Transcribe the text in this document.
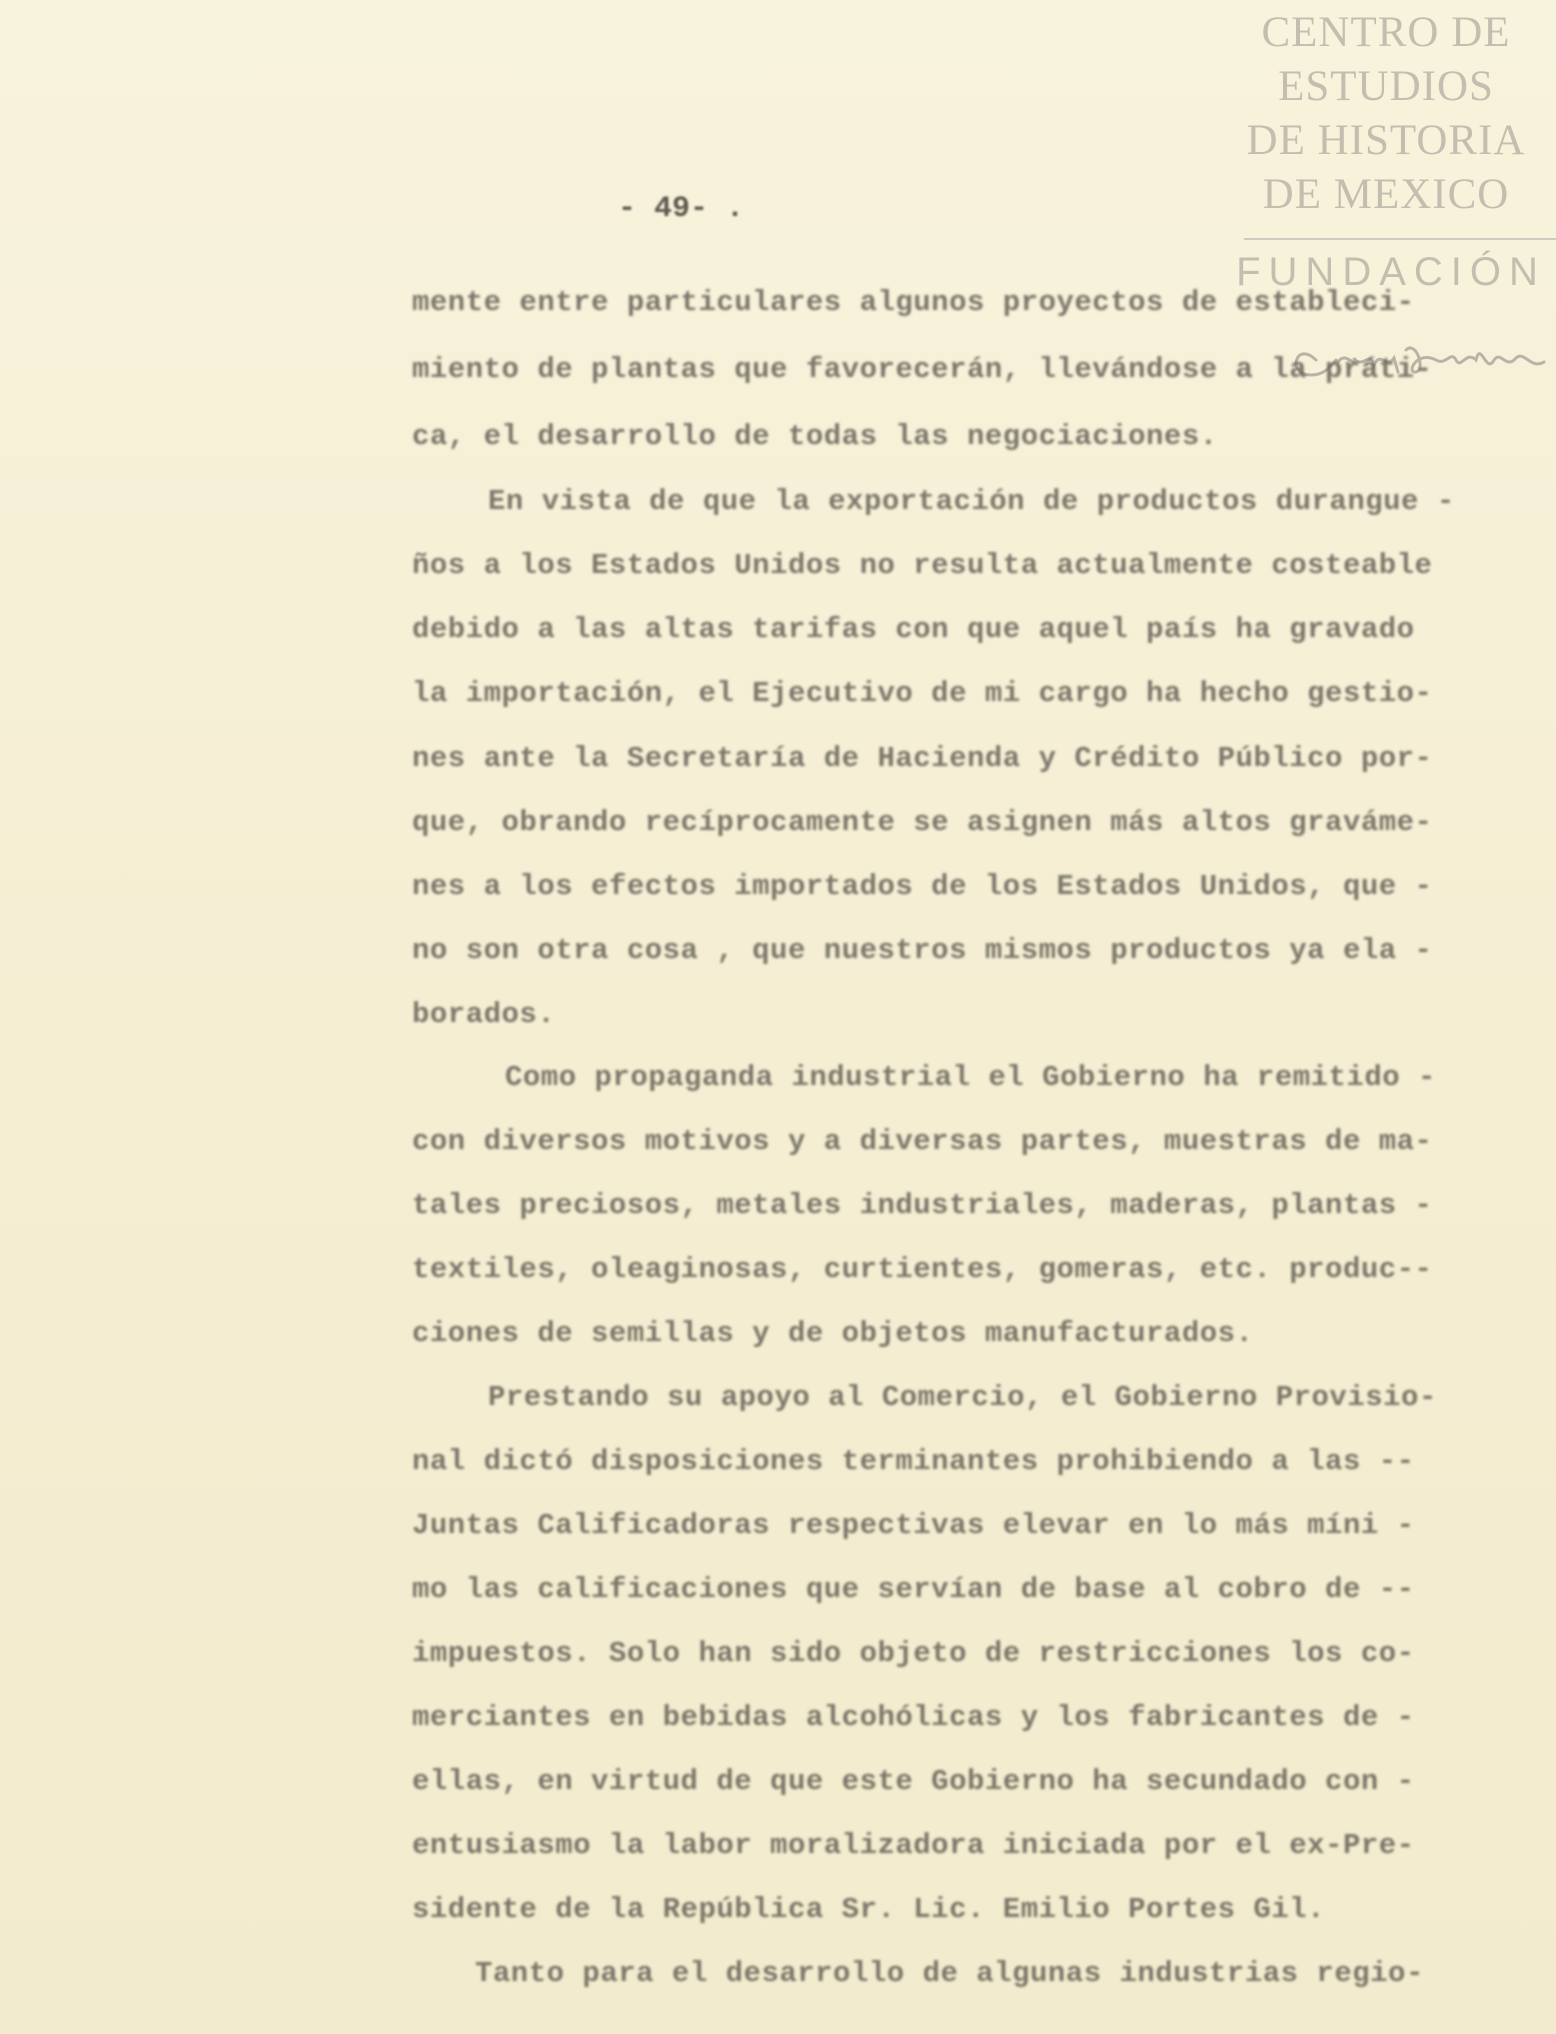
CENTRO DE
ESTUDIOS
DE HISTORIA
DE MEXICO
FUNDACIÓN
- 49- .
mente entre particulares algunos proyectos de estableci-
miento de plantas que favorecerán, llevándose a la práti-
ca, el desarrollo de todas las negociaciones.
En vista de que la exportación de productos durangue -
ños a los Estados Unidos no resulta actualmente costeable
debido a las altas tarifas con que aquel país ha gravado
la importación, el Ejecutivo de mi cargo ha hecho gestio-
nes ante la Secretaría de Hacienda y Crédito Público por-
que, obrando recíprocamente se asignen más altos graváme-
nes a los efectos importados de los Estados Unidos, que -
no son otra cosa , que nuestros mismos productos ya ela -
borados.
Como propaganda industrial el Gobierno ha remitido -
con diversos motivos y a diversas partes, muestras de ma-
tales preciosos, metales industriales, maderas, plantas -
textiles, oleaginosas, curtientes, gomeras, etc. produc--
ciones de semillas y de objetos manufacturados.
Prestando su apoyo al Comercio, el Gobierno Provisio-
nal dictó disposiciones terminantes prohibiendo a las --
Juntas Calificadoras respectivas elevar en lo más míni -
mo las calificaciones que servían de base al cobro de --
impuestos. Solo han sido objeto de restricciones los co-
merciantes en bebidas alcohólicas y los fabricantes de -
ellas, en virtud de que este Gobierno ha secundado con -
entusiasmo la labor moralizadora iniciada por el ex-Pre-
sidente de la República Sr. Lic. Emilio Portes Gil.
Tanto para el desarrollo de algunas industrias regio-
